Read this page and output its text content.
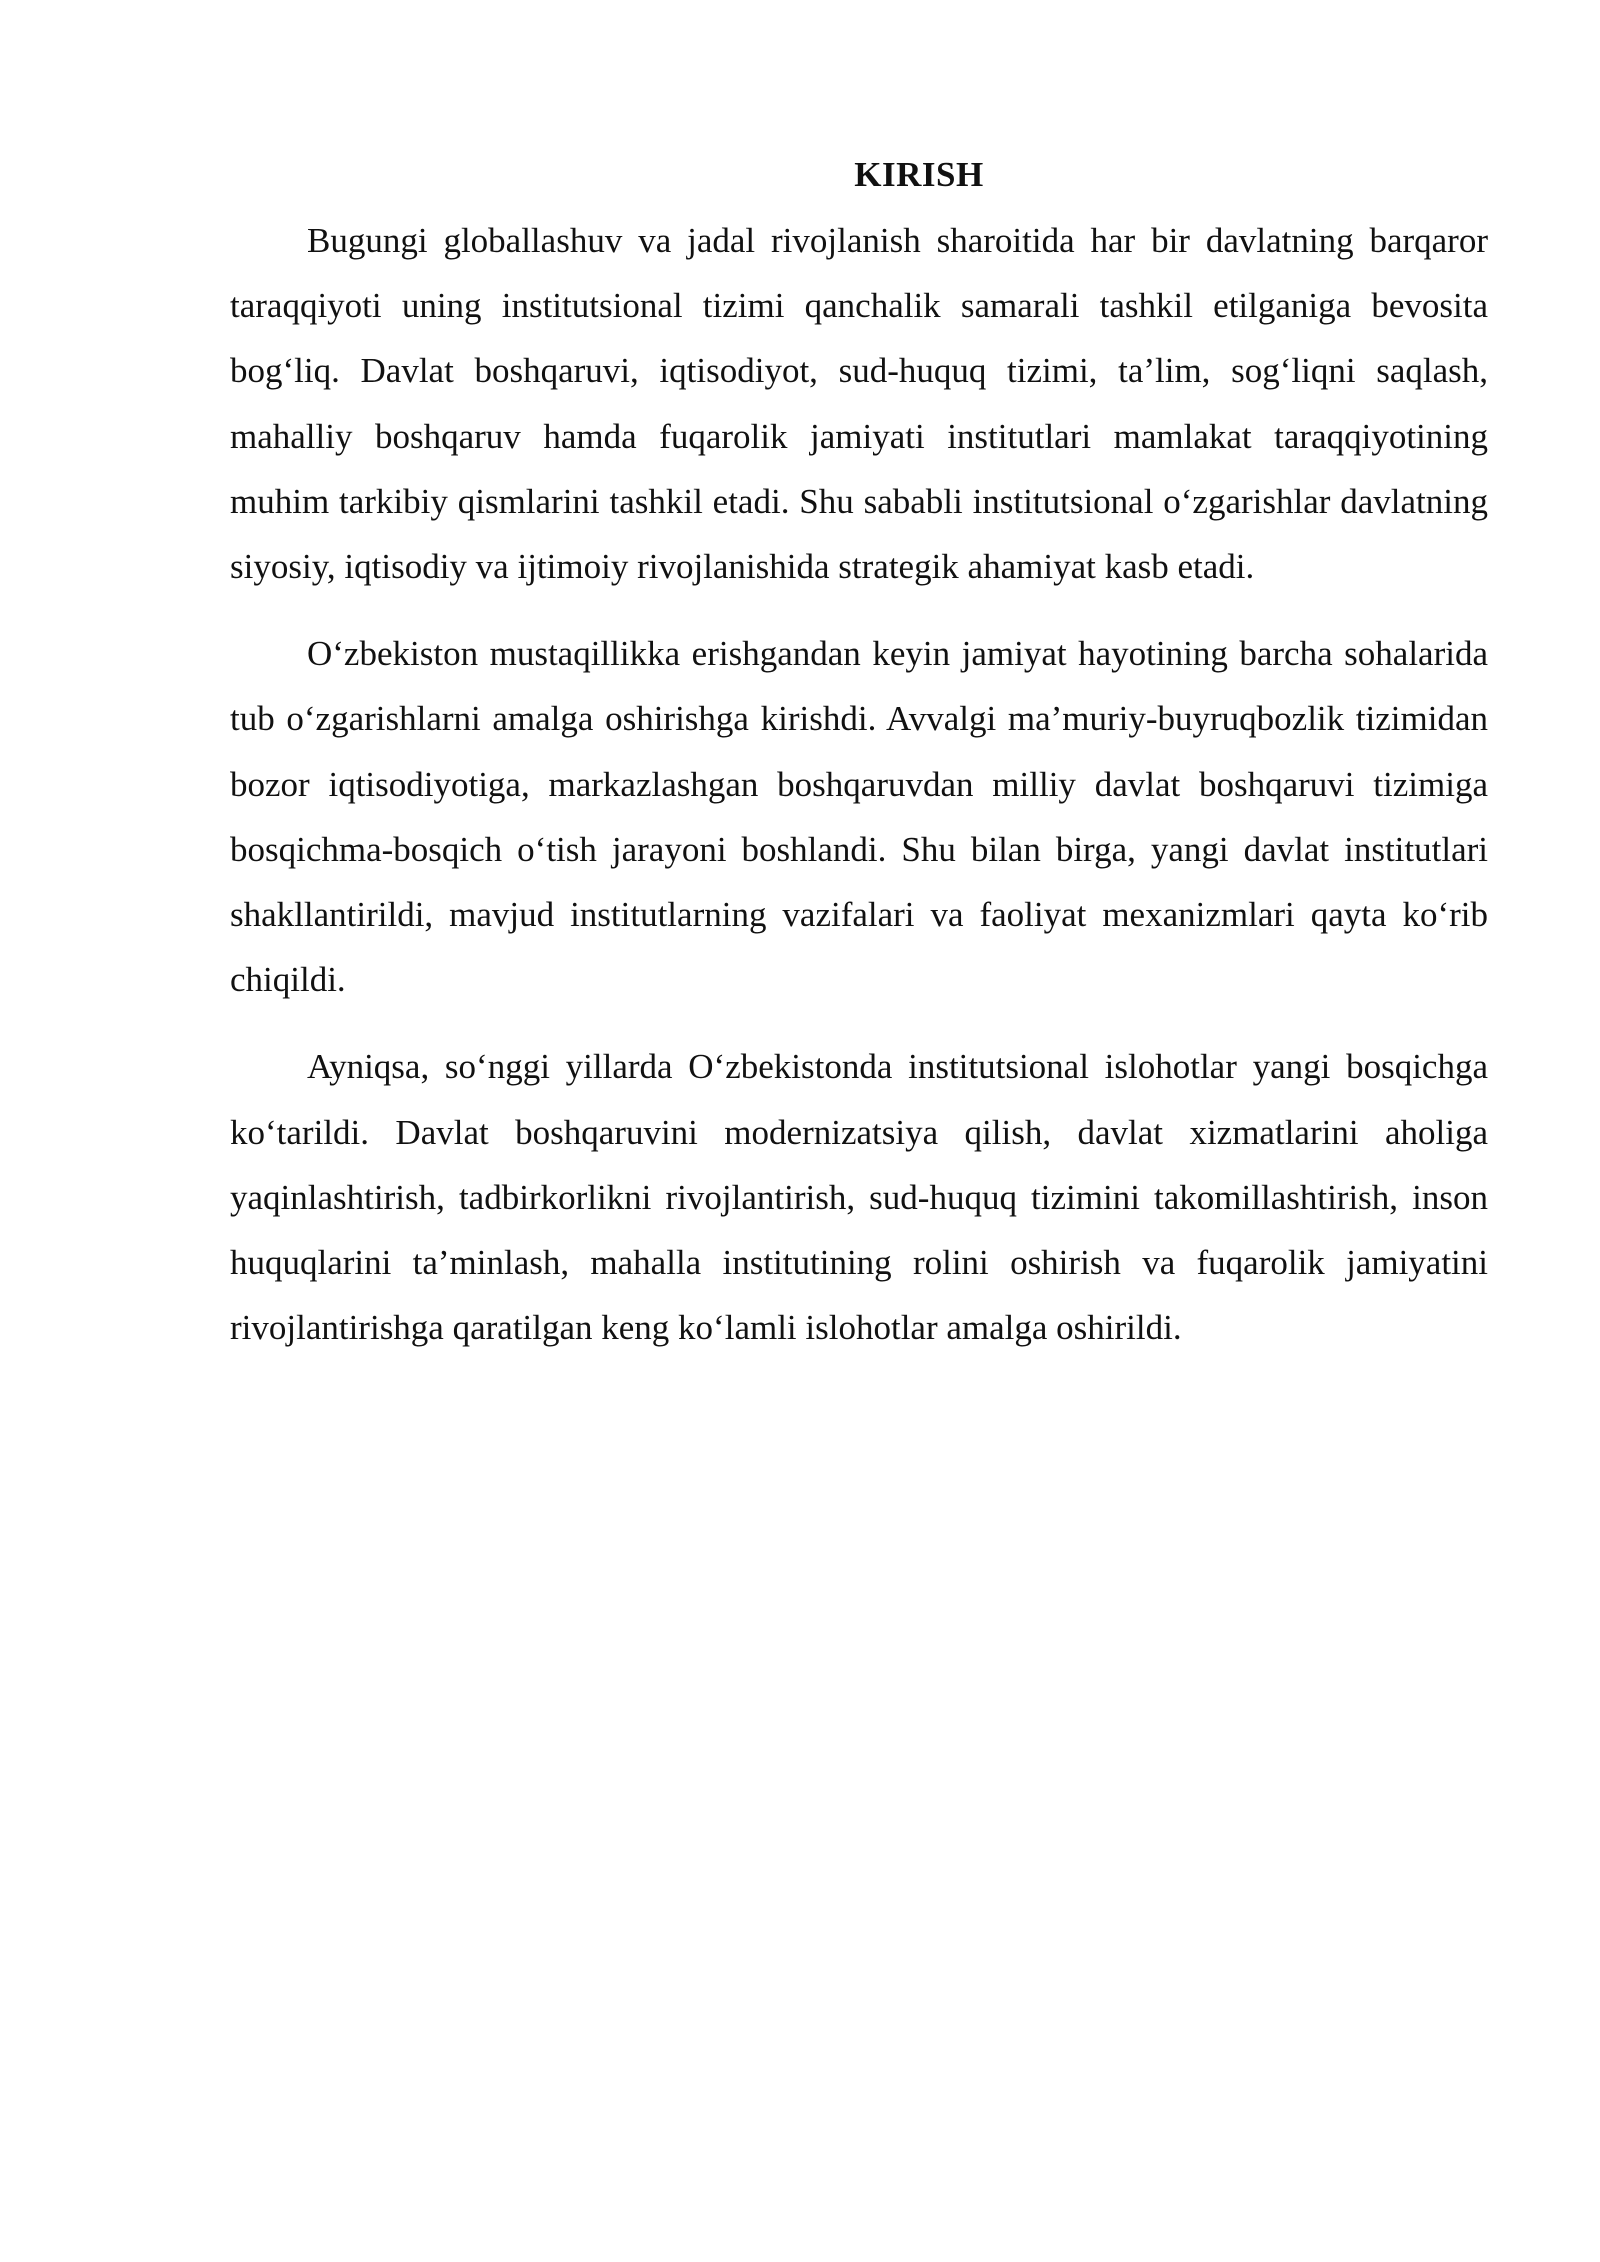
KIRISH

Bugungi globallashuv va jadal rivojlanish sharoitida har bir davlatning barqaror taraqqiyoti uning institutsional tizimi qanchalik samarali tashkil etilganiga bevosita bog‘liq. Davlat boshqaruvi, iqtisodiyot, sud-huquq tizimi, ta’lim, sog‘liqni saqlash, mahalliy boshqaruv hamda fuqarolik jamiyati institutlari mamlakat taraqqiyotining muhim tarkibiy qismlarini tashkil etadi. Shu sababli institutsional o‘zgarishlar davlatning siyosiy, iqtisodiy va ijtimoiy rivojlanishida strategik ahamiyat kasb etadi.

O‘zbekiston mustaqillikka erishgandan keyin jamiyat hayotining barcha sohalarida tub o‘zgarishlarni amalga oshirishga kirishdi. Avvalgi ma’muriy-buyruqbozlik tizimidan bozor iqtisodiyotiga, markazlashgan boshqaruvdan milliy davlat boshqaruvi tizimiga bosqichma-bosqich o‘tish jarayoni boshlandi. Shu bilan birga, yangi davlat institutlari shakllantirildi, mavjud institutlarning vazifalari va faoliyat mexanizmlari qayta ko‘rib chiqildi.

Ayniqsa, so‘nggi yillarda O‘zbekistonda institutsional islohotlar yangi bosqichga ko‘tarildi. Davlat boshqaruvini modernizatsiya qilish, davlat xizmatlarini aholiga yaqinlashtirish, tadbirkorlikni rivojlantirish, sud-huquq tizimini takomillashtirish, inson huquqlarini ta’minlash, mahalla institutining rolini oshirish va fuqarolik jamiyatini rivojlantirishga qaratilgan keng ko‘lamli islohotlar amalga oshirildi.
